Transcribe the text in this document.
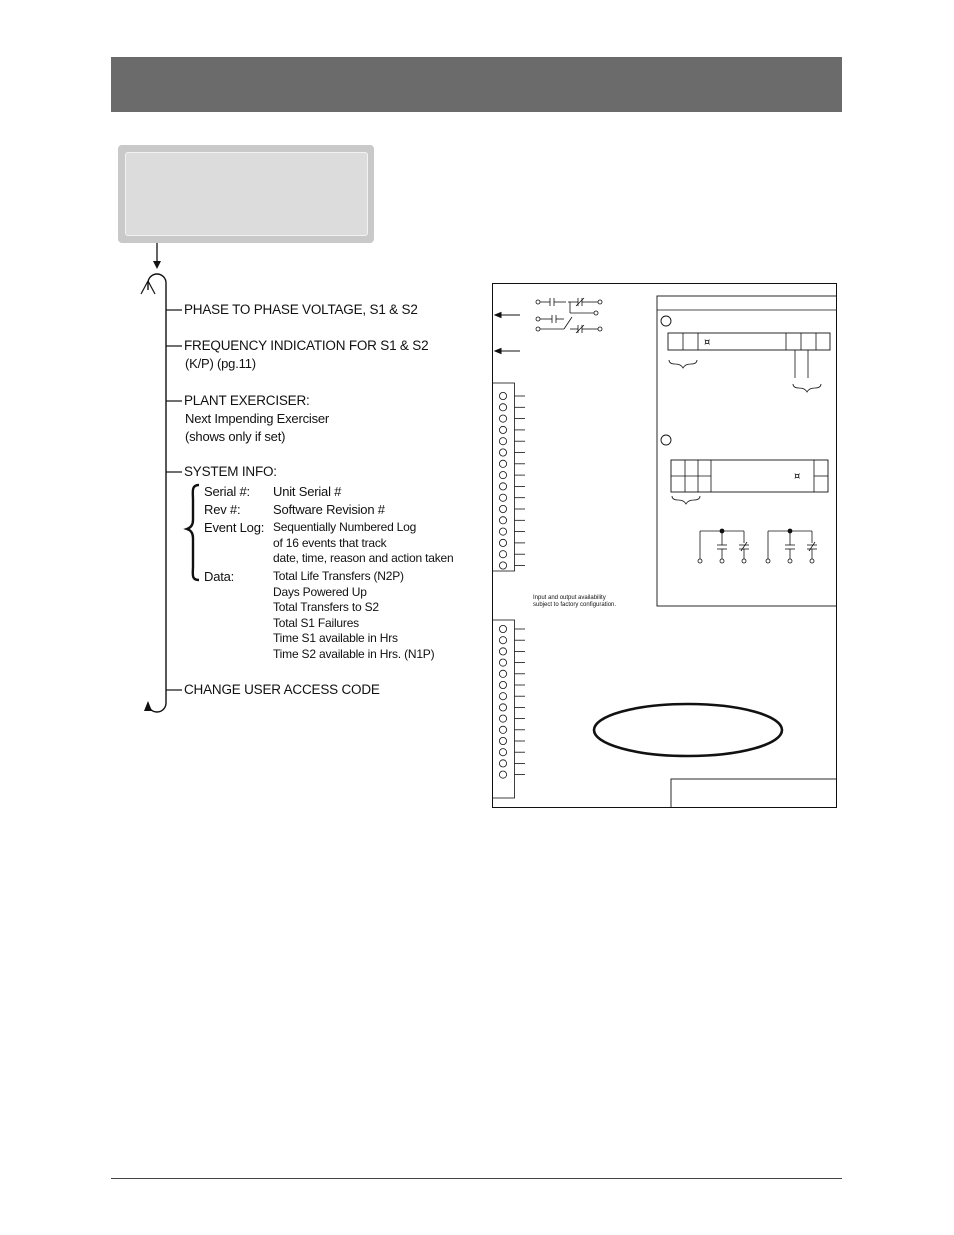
PHASE TO PHASE VOLTAGE, S1 & S2
FREQUENCY INDICATION FOR S1 & S2
(K/P) (pg.11)
PLANT EXERCISER:
Next Impending Exerciser
(shows only if set)
SYSTEM INFO:
Serial #: Unit Serial #
Rev #:	Software Revision #
Event Log: Sequentially Numbered Log
of 16 events that track
date, time, reason and action taken
Data:	Total Life Transfers (N2P)
Days Powered Up
Total Transfers to S2
Total S1 Failures
Time S1 available in Hrs
Time S2 available in Hrs. (N1P)
CHANGE USER ACCESS CODE
¤
¤
Input and output availability
subject to factory configuration.
